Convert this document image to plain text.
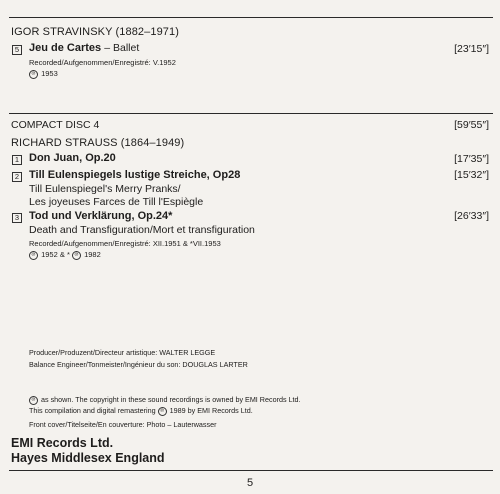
IGOR STRAVINSKY (1882–1971)
5 Jeu de Cartes – Ballet	[23′15″]
Recorded/Aufgenommen/Enregistré: V.1952
℗ 1953
COMPACT DISC 4	[59′55″]
RICHARD STRAUSS (1864–1949)
1 Don Juan, Op.20	[17′35″]
2 Till Eulenspiegels lustige Streiche, Op28	[15′32″]
Till Eulenspiegel's Merry Pranks/
Les joyeuses Farces de Till l'Espiègle
3 Tod und Verklärung, Op.24*	[26′33″]
Death and Transfiguration/Mort et transfiguration
Recorded/Aufgenommen/Enregistré: XII.1951 & *VII.1953
℗ 1952 & * ℗ 1982
Producer/Produzent/Directeur artistique: WALTER LEGGE
Balance Engineer/Tonmeister/Ingénieur du son: DOUGLAS LARTER
℗ as shown. The copyright in these sound recordings is owned by EMI Records Ltd.
This compilation and digital remastering ℗ 1989 by EMI Records Ltd.
Front cover/Titelseite/En couverture: Photo – Lauterwasser
EMI Records Ltd.
Hayes Middlesex England
5
